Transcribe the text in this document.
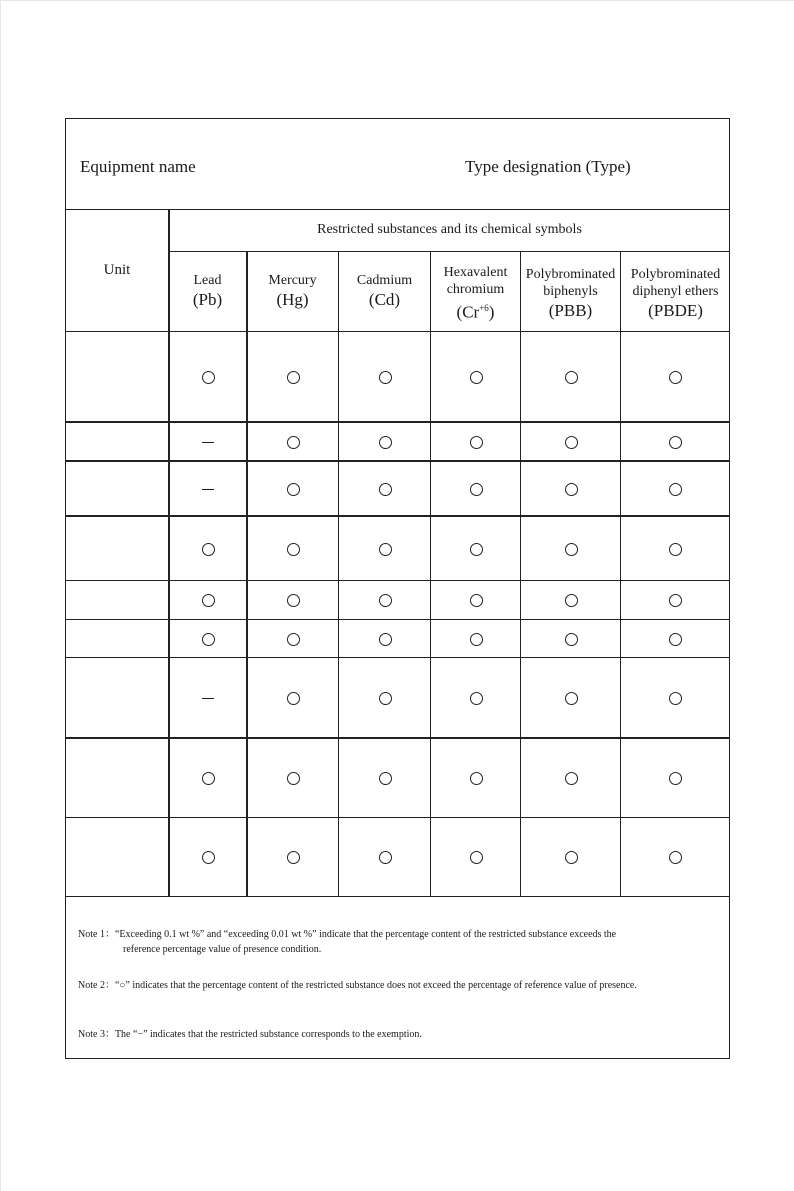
Equipment name	Type designation (Type)
Restricted substances and its chemical symbols
Unit
Lead
(Pb)
Mercury
(Hg)
Cadmium
(Cd)
Hexavalent
chromium
$(Cr^{+6})$
Polybrominated
biphenyls
(PBB)
Polybrominated
diphenyl ethers
(PBDE)
Note 1：“Exceeding 0.1 wt %” and “exceeding 0.01 wt %” indicate that the percentage content of the restricted substance exceeds the
reference percentage value of presence condition.
Note 2：“○” indicates that the percentage content of the restricted substance does not exceed the percentage of reference value of presence.
Note 3：The “−” indicates that the restricted substance corresponds to the exemption.
